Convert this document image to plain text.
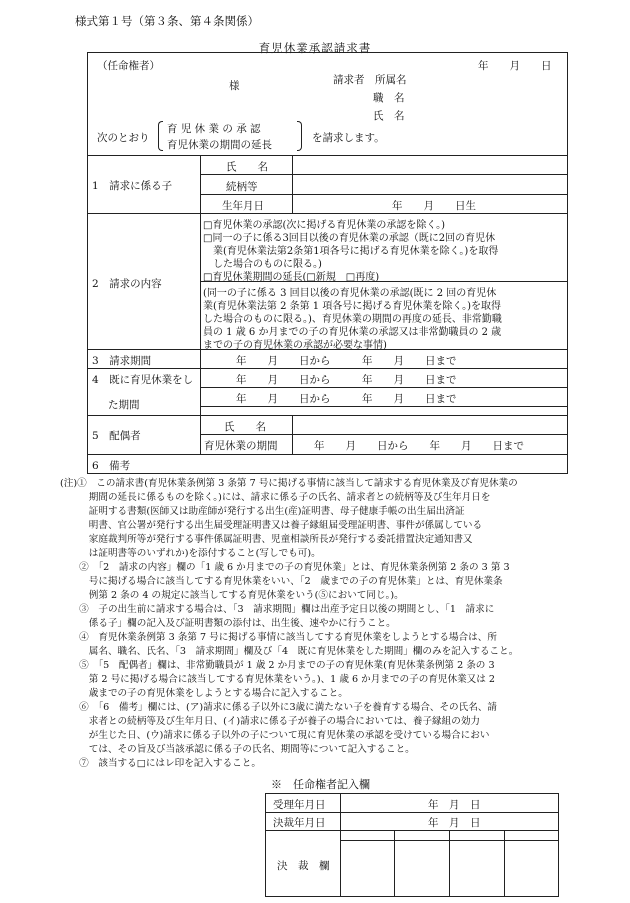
様式第１号（第３条、第４条関係）
育児休業承認請求書
（任命権者）	年　　月　　日
様	請求者　所属名
職　名
氏　名
次のとおり
育 児 休 業 の 承 認
育児休業の期間の延長
を請求します。
1　請求に係る子
氏　　名
続柄等
生年月日	年　　月　　日生
2　請求の内容
□育児休業の承認(次に掲げる育児休業の承認を除く。)
□同一の子に係る3回目以後の育児休業の承認（既に2回の育児休
　業(育児休業法第2条第1項各号に掲げる育児休業を除く。)を取得
　した場合のものに限る。)
□育児休業期間の延長(□新規　□再度)
(同一の子に係る 3 回目以後の育児休業の承認(既に 2 回の育児休
業(育児休業法第 2 条第 1 項各号に掲げる育児休業を除く。)を取得
した場合のものに限る。)、育児休業の期間の再度の延長、非常勤職
員の 1 歳 6 か月までの子の育児休業の承認又は非常勤職員の 2 歳
までの子の育児休業の承認が必要な事情)
3　請求期間	年　　月　　日から　　　年　　月　　日まで
4　既に育児休業をし
た期間
年　　月　　日から　　　年　　月　　日まで
年　　月　　日から　　　年　　月　　日まで
5　配偶者
氏　　名
育児休業の期間	年　　月　　日から　　年　　月　　日まで
6　備考
(注)①　この請求書(育児休業条例第 3 条第 7 号に掲げる事情に該当して請求する育児休業及び育児休業の
　　　期間の延長に係るものを除く。)には、請求に係る子の氏名、請求者との続柄等及び生年月日を
　　　証明する書類(医師又は助産師が発行する出生(産)証明書、母子健康手帳の出生届出済証
　　　明書、官公署が発行する出生届受理証明書又は養子縁組届受理証明書、事件が係属している
　　　家庭裁判所等が発行する事件係属証明書、児童相談所長が発行する委託措置決定通知書又
　　　は証明書等のいずれか)を添付すること(写しでも可)。
　　②　「2　請求の内容」欄の「1 歳 6 か月までの子の育児休業」とは、育児休業条例第 2 条の 3 第 3
　　　号に掲げる場合に該当してする育児休業をいい、「2　歳までの子の育児休業」とは、育児休業条
　　　例第 2 条の 4 の規定に該当してする育児休業をいう(⑤において同じ。)。
　　③　子の出生前に請求する場合は、「3　請求期間」欄は出産予定日以後の期間とし、「1　請求に
　　　係る子」欄の記入及び証明書類の添付は、出生後、速やかに行うこと。
　　④　育児休業条例第 3 条第 7 号に掲げる事情に該当してする育児休業をしようとする場合は、所
　　　属名、職名、氏名、「3　請求期間」欄及び「4　既に育児休業をした期間」欄のみを記入すること。
　　⑤　「5　配偶者」欄は、非常勤職員が 1 歳 2 か月までの子の育児休業(育児休業条例第 2 条の 3
　　　第 2 号に掲げる場合に該当してする育児休業をいう。)、1 歳 6 か月までの子の育児休業又は 2
　　　歳までの子の育児休業をしようとする場合に記入すること。
　　⑥　「6　備考」欄には、(ア)請求に係る子以外に3歳に満たない子を養育する場合、その氏名、請
　　　求者との続柄等及び生年月日、(イ)請求に係る子が養子の場合においては、養子縁組の効力
　　　が生じた日、(ウ)請求に係る子以外の子について現に育児休業の承認を受けている場合におい
　　　ては、その旨及び当該承認に係る子の氏名、期間等について記入すること。
　　⑦　該当する□にはレ印を記入すること。
※　任命権者記入欄
受理年月日	年　月　日
決裁年月日	年　月　日
決　裁　欄
